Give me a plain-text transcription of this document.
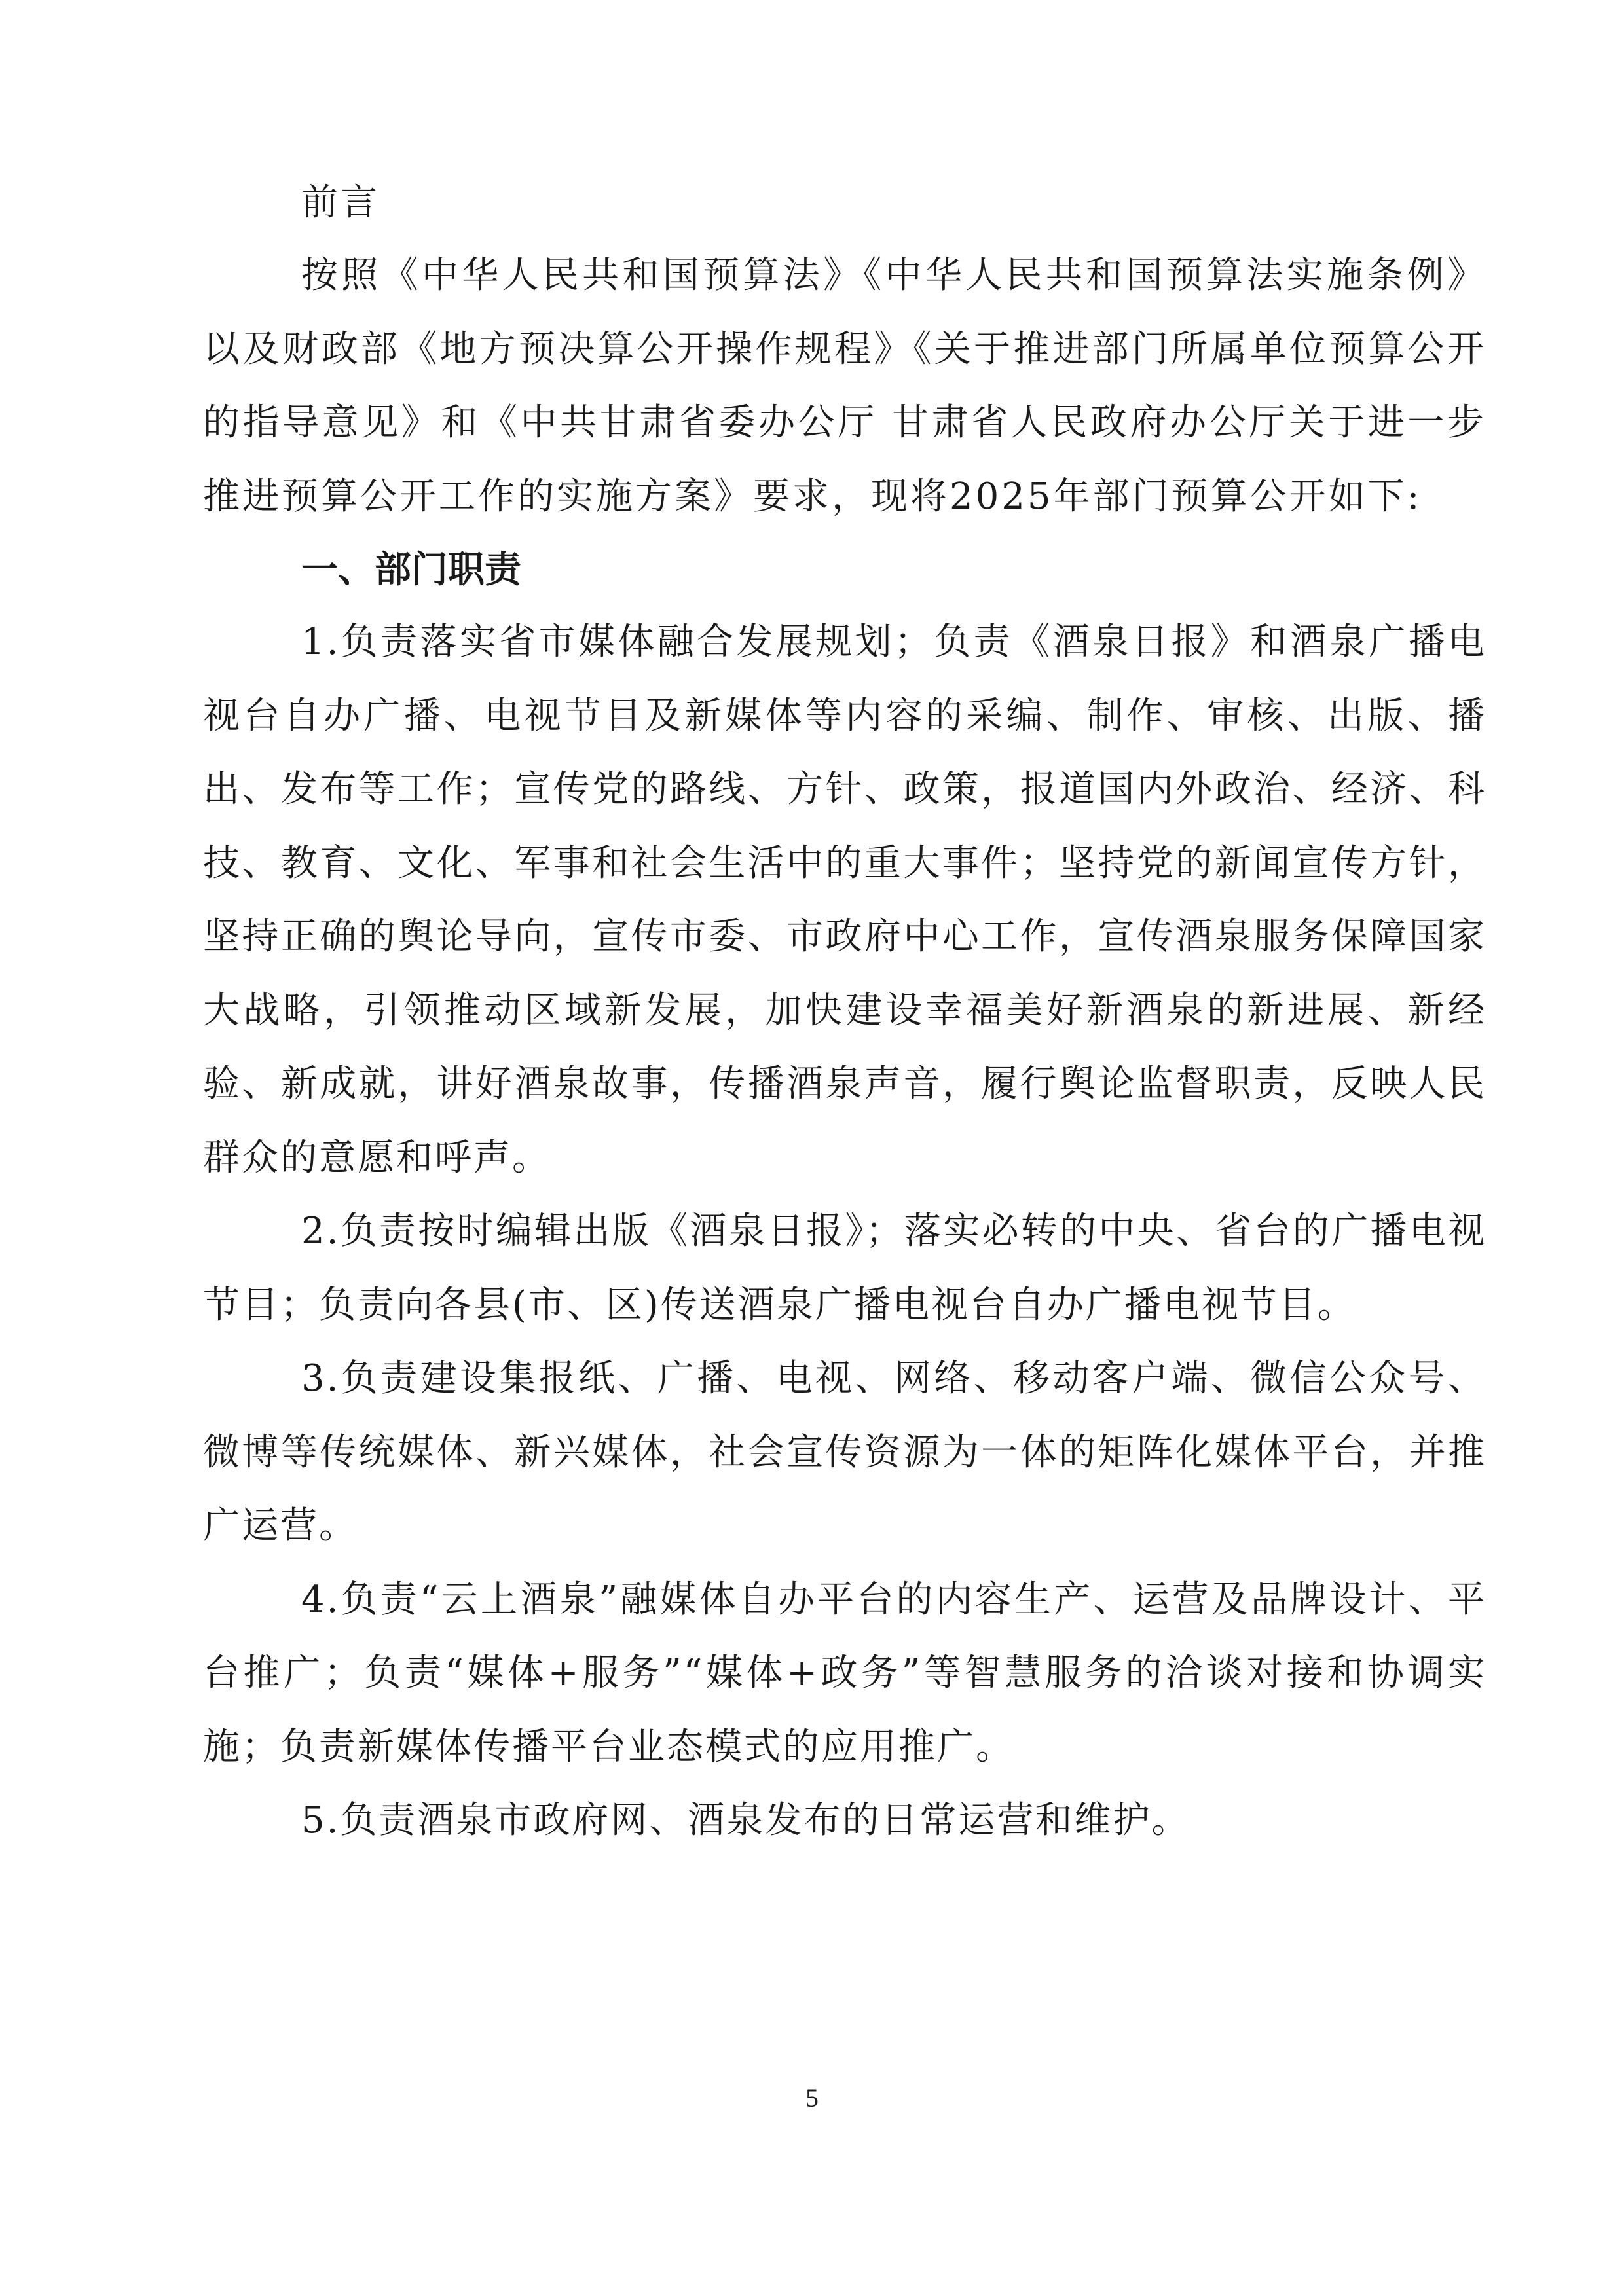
前言

按照《中华人民共和国预算法》《中华人民共和国预算法实施条例》以及财政部《地方预决算公开操作规程》《关于推进部门所属单位预算公开的指导意见》和《中共甘肃省委办公厅 甘肃省人民政府办公厅关于进一步推进预算公开工作的实施方案》要求，现将2025年部门预算公开如下:

一、部门职责

1.负责落实省市媒体融合发展规划；负责《酒泉日报》和酒泉广播电视台自办广播、电视节目及新媒体等内容的采编、制作、审核、出版、播出、发布等工作；宣传党的路线、方针、政策，报道国内外政治、经济、科技、教育、文化、军事和社会生活中的重大事件；坚持党的新闻宣传方针，坚持正确的舆论导向，宣传市委、市政府中心工作，宣传酒泉服务保障国家大战略，引领推动区域新发展，加快建设幸福美好新酒泉的新进展、新经验、新成就，讲好酒泉故事，传播酒泉声音，履行舆论监督职责，反映人民群众的意愿和呼声。

2.负责按时编辑出版《酒泉日报》；落实必转的中央、省台的广播电视节目；负责向各县(市、区)传送酒泉广播电视台自办广播电视节目。

3.负责建设集报纸、广播、电视、网络、移动客户端、微信公众号、微博等传统媒体、新兴媒体，社会宣传资源为一体的矩阵化媒体平台，并推广运营。

4.负责“云上酒泉”融媒体自办平台的内容生产、运营及品牌设计、平台推广；负责“媒体+服务”“媒体+政务”等智慧服务的洽谈对接和协调实施；负责新媒体传播平台业态模式的应用推广。

5.负责酒泉市政府网、酒泉发布的日常运营和维护。

5
